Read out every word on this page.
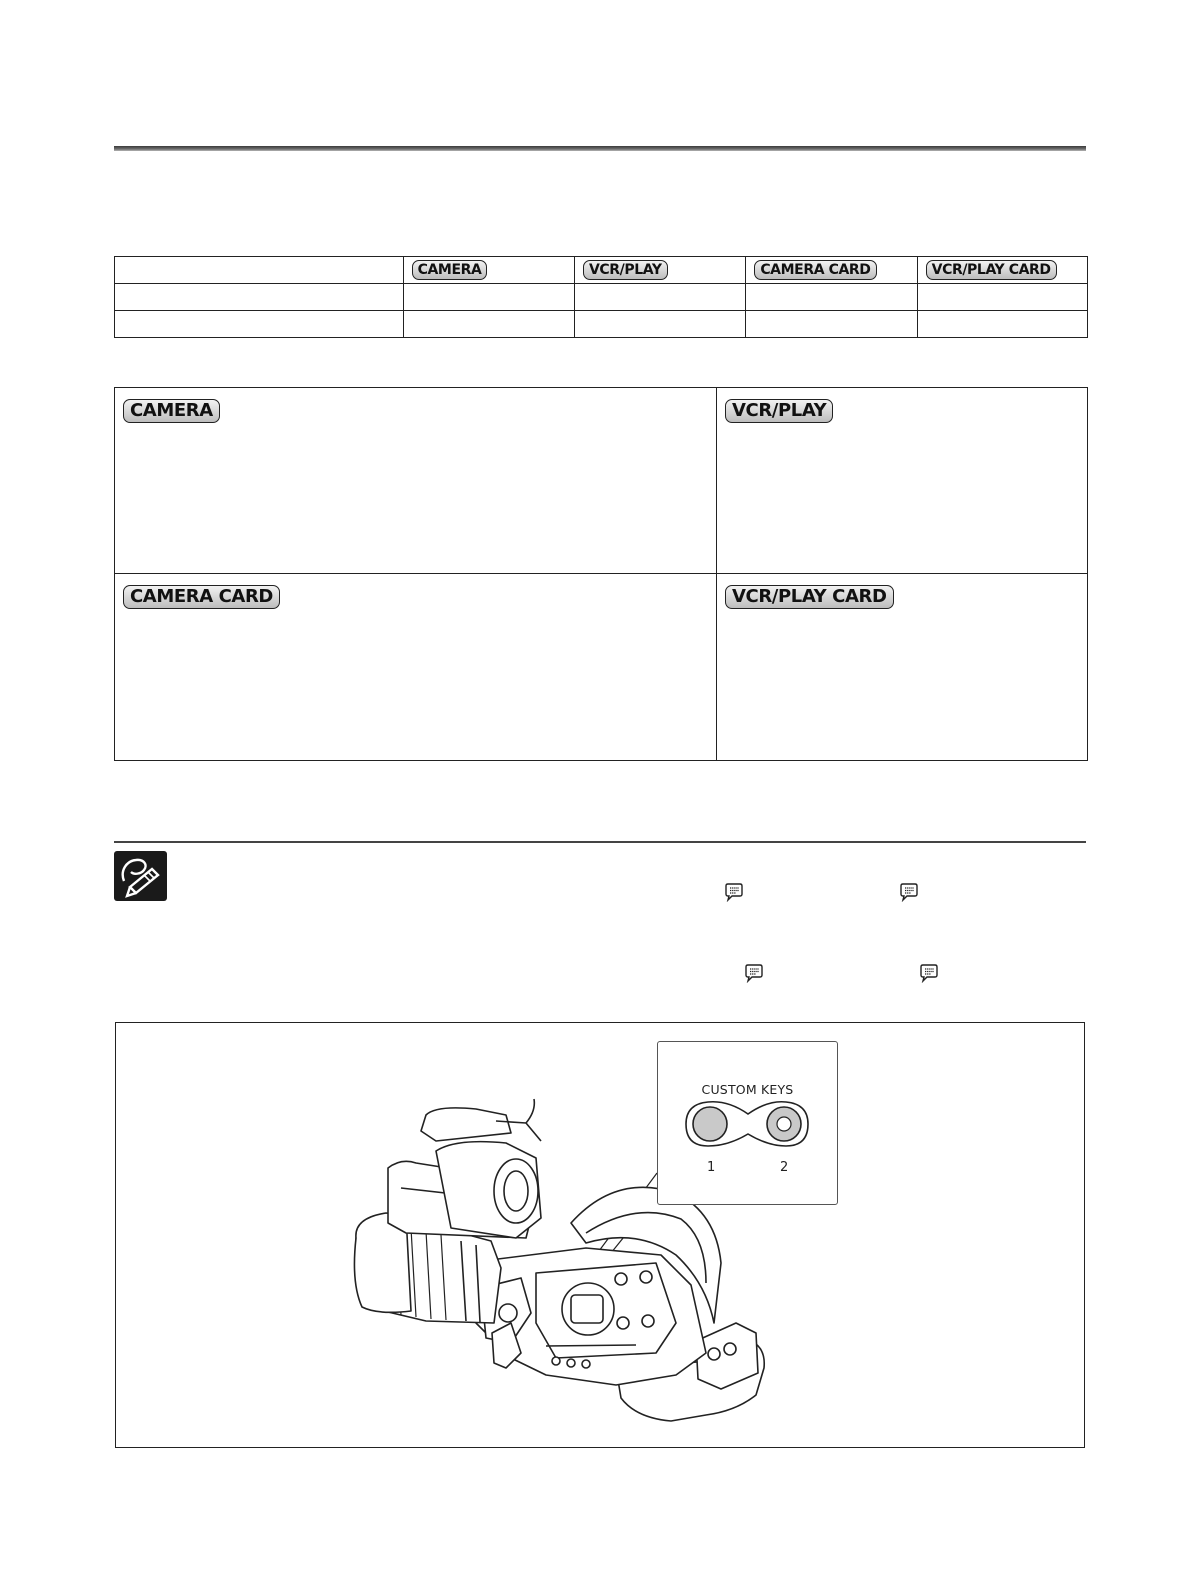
	CAMERA	VCR/PLAY	CAMERA CARD	VCR/PLAY CARD

CAMERA	VCR/PLAY
CAMERA CARD	VCR/PLAY CARD
CUSTOM KEYS
1	2
